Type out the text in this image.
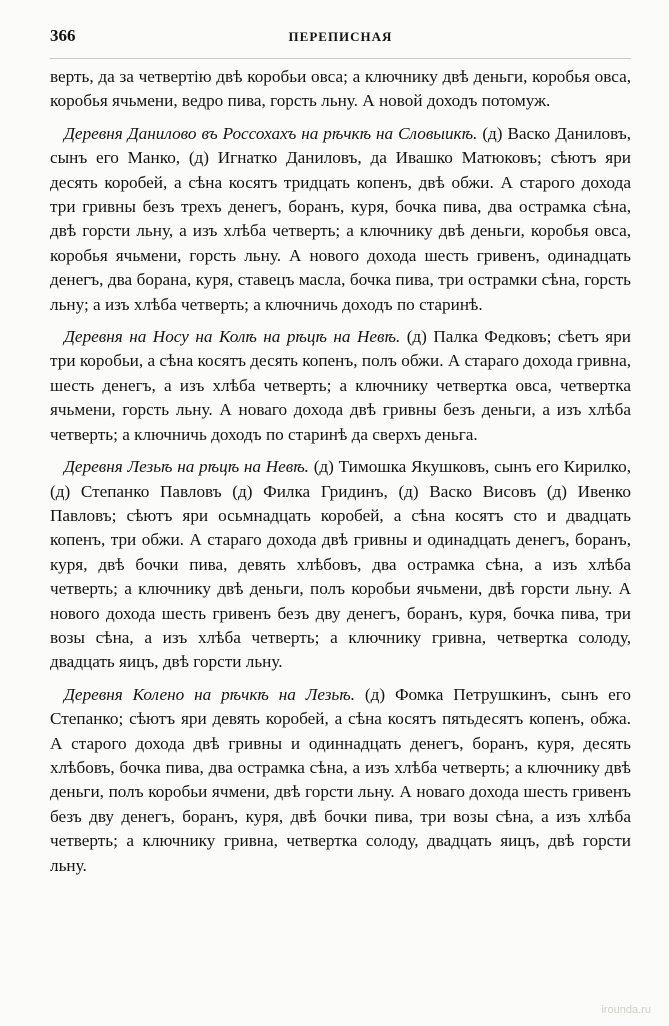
366	ПЕРЕПИСНАЯ

верть, да за четвертію двѣ коробьи овса; а ключнику двѣ деньги, коробья овса, коробья ячьмени, ведро пива, горсть льну. А новой доходъ потомуж.

Деревня Данилово въ Россохахъ на рѣчкѣ на Словыикѣ. (д) Васко Даниловъ, сынъ его Манко, (д) Игнатко Даниловъ, да Ивашко Матюковъ; сѣютъ яри десять коробей, а сѣна косятъ тридцать копенъ, двѣ обжи. А старого дохода три гривны безъ трехъ денегъ, боранъ, куря, бочка пива, два острамка сѣна, двѣ горсти льну, а изъ хлѣба четверть; а ключнику двѣ деньги, коробья овса, коробья ячьмени, горсть льну. А нового дохода шесть гривенъ, одинадцать денегъ, два борана, куря, ставецъ масла, бочка пива, три острамки сѣна, горсть льну; а изъ хлѣба четверть; а ключничь доходъ по старинѣ.

Деревня на Носу на Колѣ на рѣцѣ на Невѣ. (д) Палка Федковъ; сѣетъ яри три коробьи, а сѣна косятъ десять копенъ, полъ обжи. А стараго дохода гривна, шесть денегъ, а изъ хлѣба четверть; а ключнику четвертка овса, четвертка ячьмени, горсть льну. А новаго дохода двѣ гривны безъ деньги, а изъ хлѣба четверть; а ключничь доходъ по старинѣ да сверхъ деньга.

Деревня Лезьѣ на рѣцѣ на Невѣ. (д) Тимошка Якушковъ, сынъ его Кирилко, (д) Степанко Павловъ (д) Филка Гридинъ, (д) Васко Висовъ (д) Ивенко Павловъ; сѣютъ яри осьмнадцать коробей, а сѣна косятъ сто и двадцать копенъ, три обжи. А стараго дохода двѣ гривны и одинадцать денегъ, боранъ, куря, двѣ бочки пива, девять хлѣбовъ, два острамка сѣна, а изъ хлѣба четверть; а ключнику двѣ деньги, полъ коробьи ячьмени, двѣ горсти льну. А нового дохода шесть гривенъ безъ дву денегъ, боранъ, куря, бочка пива, три возы сѣна, а изъ хлѣба четверть; а ключнику гривна, четвертка солоду, двадцать яицъ, двѣ горсти льну.

Деревня Колено на рѣчкѣ на Лезьѣ. (д) Фомка Петрушкинъ, сынъ его Степанко; сѣютъ яри девять коробей, а сѣна косятъ пятьдесятъ копенъ, обжа. А старого дохода двѣ гривны и одиннадцать денегъ, боранъ, куря, десять хлѣбовъ, бочка пива, два острамка сѣна, а изъ хлѣба четверть; а ключнику двѣ деньги, полъ коробьи ячмени, двѣ горсти льну. А новаго дохода шесть гривенъ безъ дву денегъ, боранъ, куря, двѣ бочки пива, три возы сѣна, а изъ хлѣба четверть; а ключнику гривна, четвертка солоду, двадцать яицъ, двѣ горсти льну.

irounda.ru
